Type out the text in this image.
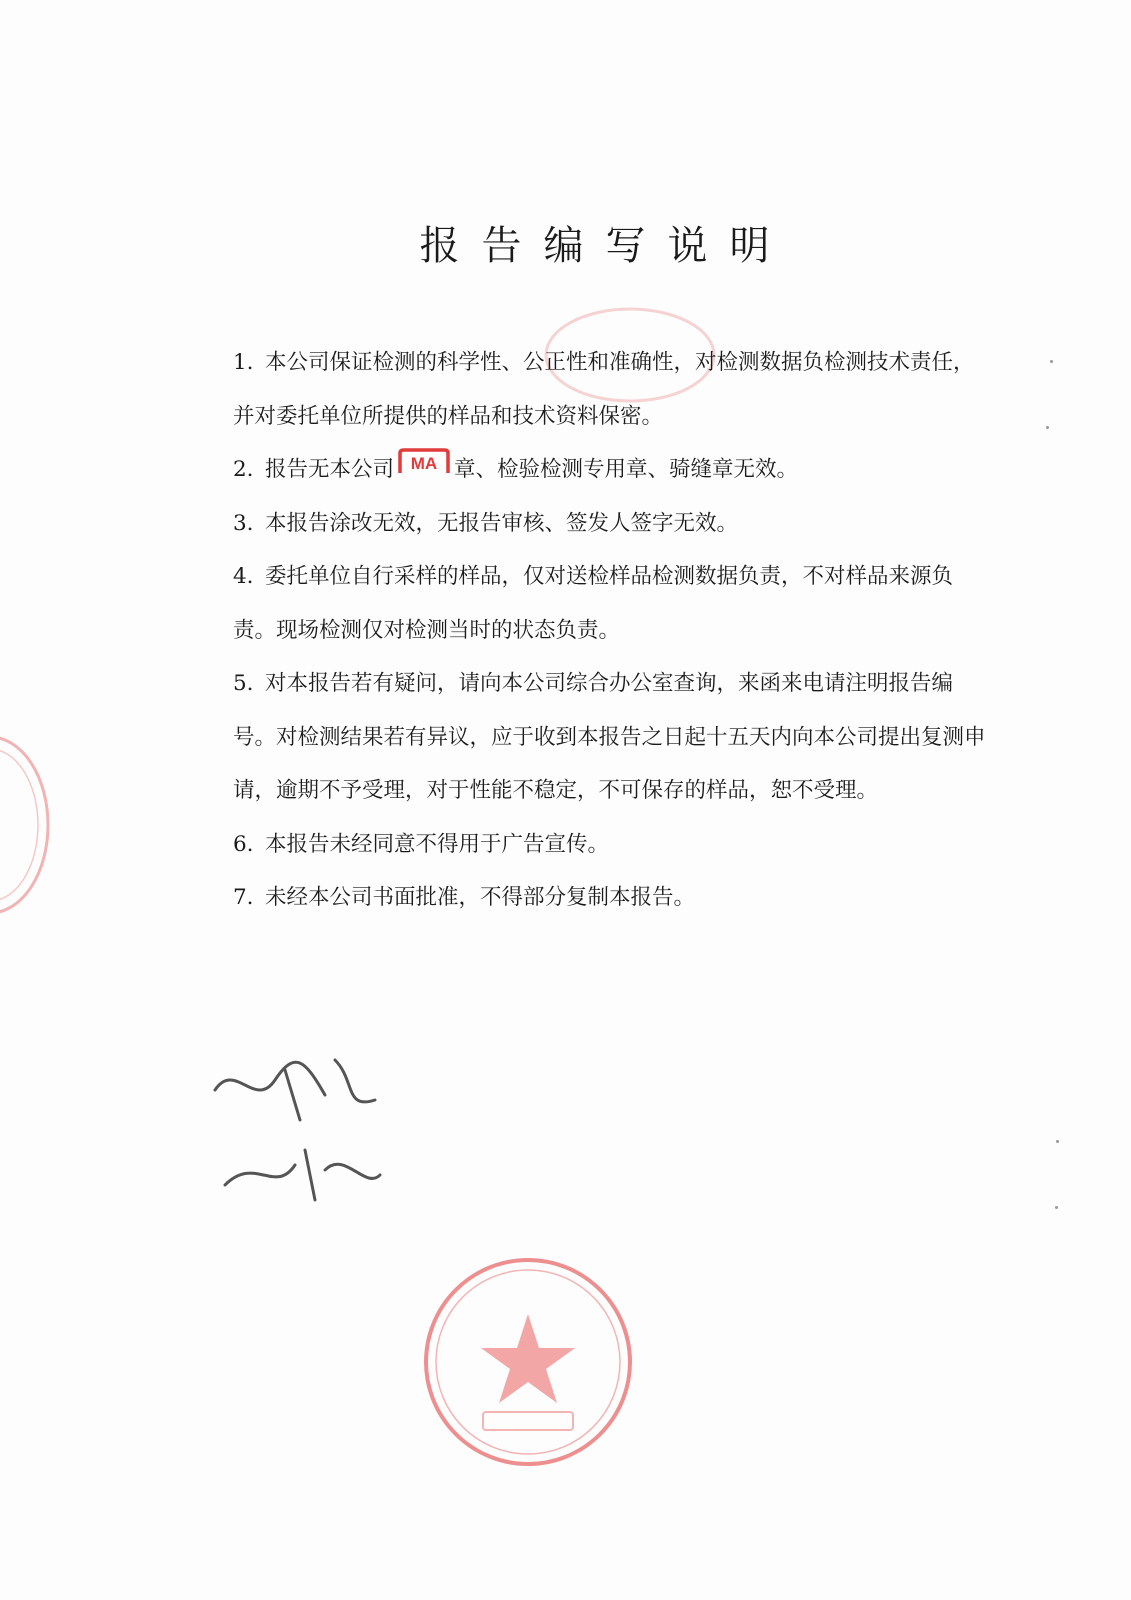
报告编写说明

1. 本公司保证检测的科学性、公正性和准确性，对检测数据负检测技术责任，并对委托单位所提供的样品和技术资料保密。

2. 报告无本公司 MA 章、检验检测专用章、骑缝章无效。

3. 本报告涂改无效，无报告审核、签发人签字无效。

4. 委托单位自行采样的样品，仅对送检样品检测数据负责，不对样品来源负责。现场检测仅对检测当时的状态负责。

5. 对本报告若有疑问，请向本公司综合办公室查询，来函来电请注明报告编号。对检测结果若有异议，应于收到本报告之日起十五天内向本公司提出复测申请，逾期不予受理，对于性能不稳定，不可保存的样品，恕不受理。

6. 本报告未经同意不得用于广告宣传。

7. 未经本公司书面批准，不得部分复制本报告。
